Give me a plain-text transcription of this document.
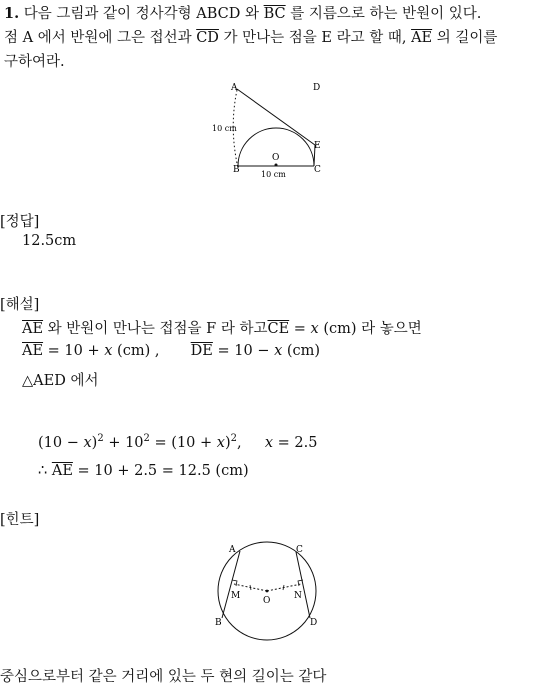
1. 다음 그림과 같이 정사각형 ABCD 와 $\overline{BC}$ 를 지름으로 하는 반원이 있다.
점 A 에서 반원에 그은 접선과 $\overline{CD}$ 가 만나는 점을 E 라고 할 때, $\overline{AE}$ 의 길이를
구하여라.
A	D
E
O
B	C
10 cm
10 cm
[정답]
12.5cm
[해설]
$\overline{AE}$ 와 반원이 만나는 접점을 F 라 하고$\overline{CE} = x$ (cm) 라 놓으면
$\overline{AE} = 10 + x$ (cm) , $\overline{DE} = 10 - x$ (cm)
△AED 에서
$(10 - x)^2 + 10^2 = (10 + x)^2$, x = 2.5
∴ $\overline{AE} = 10 + 2.5 = 12.5$ (cm)
[힌트]
A	C
M	O	N
B	D
중심으로부터 같은 거리에 있는 두 현의 길이는 같다
